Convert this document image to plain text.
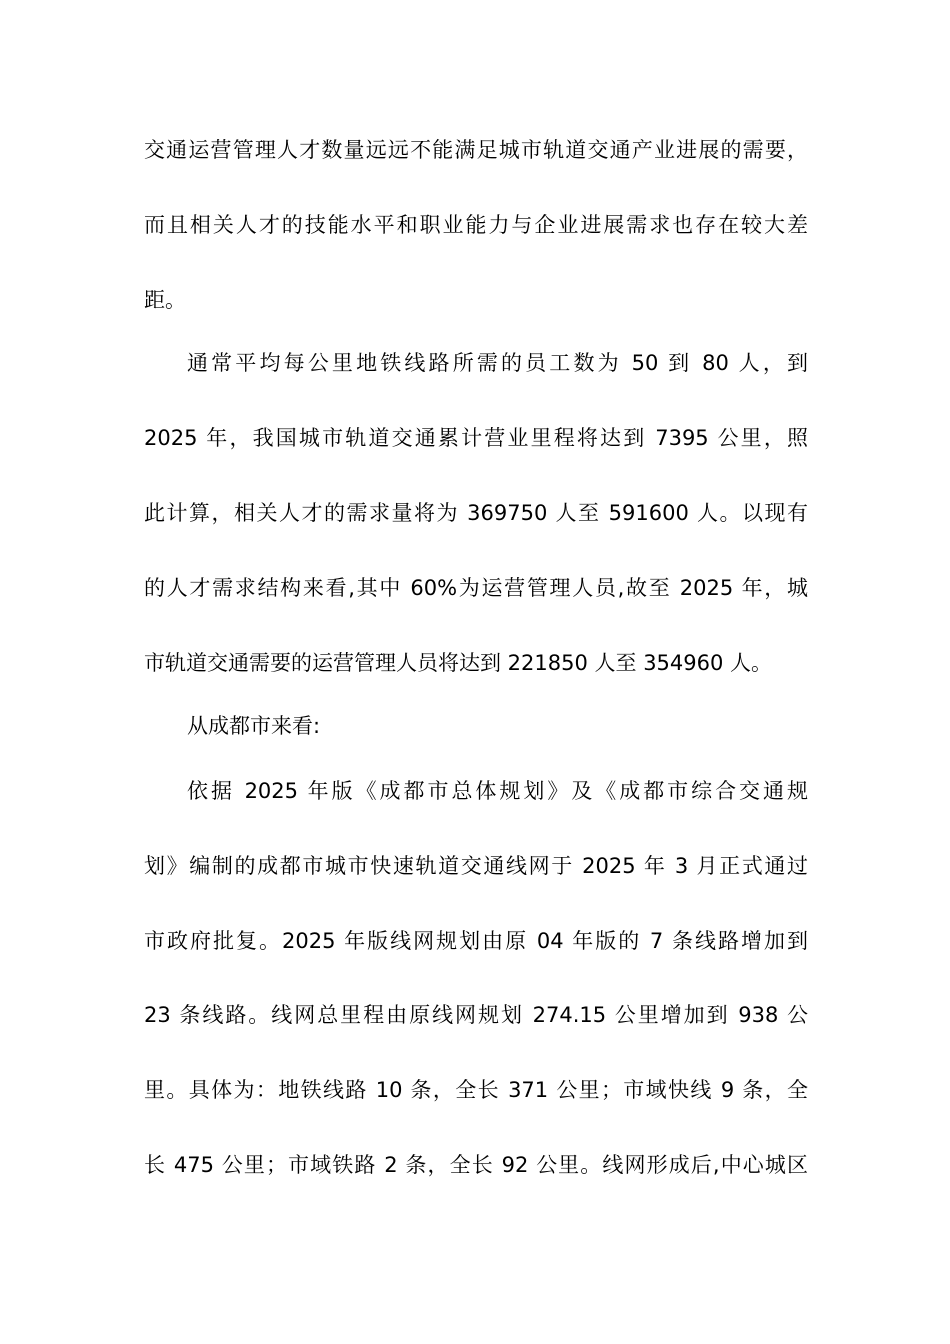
交通运营管理人才数量远远不能满足城市轨道交通产业进展的需要，
而且相关人才的技能水平和职业能力与企业进展需求也存在较大差
距。
通常平均每公里地铁线路所需的员工数为 50 到 80 人，到
2025 年，我国城市轨道交通累计营业里程将达到 7395 公里，照
此计算，相关人才的需求量将为 369750 人至 591600 人。以现有
的人才需求结构来看,其中 60%为运营管理人员,故至 2025 年，城
市轨道交通需要的运营管理人员将达到 221850 人至 354960 人。
从成都市来看:
依据 2025 年版《成都市总体规划》及《成都市综合交通规
划》编制的成都市城市快速轨道交通线网于 2025 年 3 月正式通过
市政府批复。2025 年版线网规划由原 04 年版的 7 条线路增加到
23 条线路。线网总里程由原线网规划 274.15 公里增加到 938 公
里。具体为：地铁线路 10 条，全长 371 公里；市域快线 9 条，全
长 475 公里；市域铁路 2 条，全长 92 公里。线网形成后,中心城区
